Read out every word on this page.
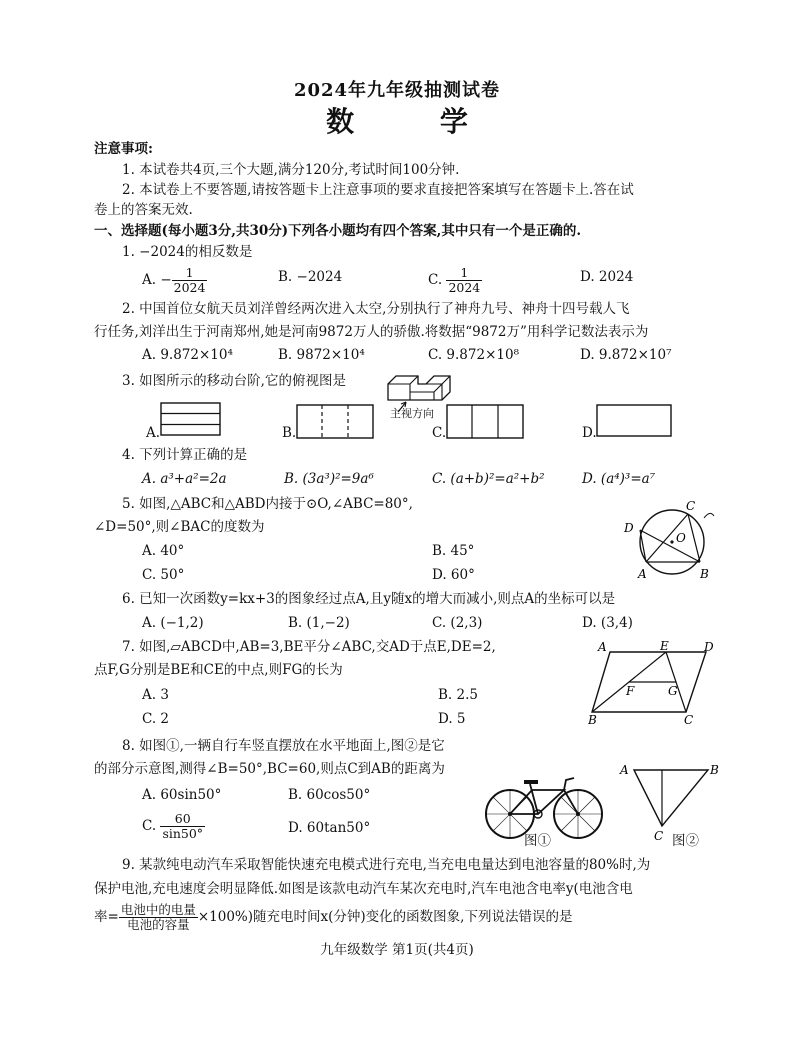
2024年九年级抽测试卷
数 学
注意事项:
1. 本试卷共4页,三个大题,满分120分,考试时间100分钟.
2. 本试卷上不要答题,请按答题卡上注意事项的要求直接把答案填写在答题卡上.答在试
卷上的答案无效.
一、选择题(每小题3分,共30分)下列各小题均有四个答案,其中只有一个是正确的.
1. −2024的相反数是
A. − $\frac{1}{2024}$	B. −2024	C. $\frac{1}{2024}$	D. 2024
2. 中国首位女航天员刘洋曾经两次进入太空,分别执行了神舟九号、神舟十四号载人飞
行任务,刘洋出生于河南郑州,她是河南9872万人的骄傲.将数据“9872万”用科学记数法表示为
A. 9.872×10⁴	B. 9872×10⁴	C. 9.872×10⁸	D. 9.872×10⁷
3. 如图所示的移动台阶,它的俯视图是
主视方向
A.	B.	C.	D.
4. 下列计算正确的是
A. a³+a²=2a	B. (3a³)²=9a⁶	C. (a+b)²=a²+b²	D. (a⁴)³=a⁷
5. 如图,△ABC和△ABD内接于⊙O,∠ABC=80°,
∠D=50°,则∠BAC的度数为
A. 40°	B. 45°
C. 50°	D. 60°	A	B
C
D
O
6. 已知一次函数y=kx+3的图象经过点A,且y随x的增大而减小,则点A的坐标可以是
A. (−1,2)	B. (1,−2)	C. (2,3)	D. (3,4)
7. 如图,▱ABCD中,AB=3,BE平分∠ABC,交AD于点E,DE=2,
点F,G分别是BE和CE的中点,则FG的长为
A. 3	B. 2.5
C. 2	D. 5
A	E	D
F	G
B	C
8. 如图①,一辆自行车竖直摆放在水平地面上,图②是它
的部分示意图,测得∠B=50°,BC=60,则点C到AB的距离为
A. 60sin50°	B. 60cos50°
C. $\frac{60}{\sin 50^\circ}$	D. 60tan50°
图①
A	B
C 图②
9. 某款纯电动汽车采取智能快速充电模式进行充电,当充电电量达到电池容量的80%时,为
保护电池,充电速度会明显降低.如图是该款电动汽车某次充电时,汽车电池含电率y(电池含电
率= $\frac{\text{电池中的电量}}{\text{电池的容量}} \times 100\%$)随充电时间x(分钟)变化的函数图象,下列说法错误的是
九年级数学 第1页(共4页)
